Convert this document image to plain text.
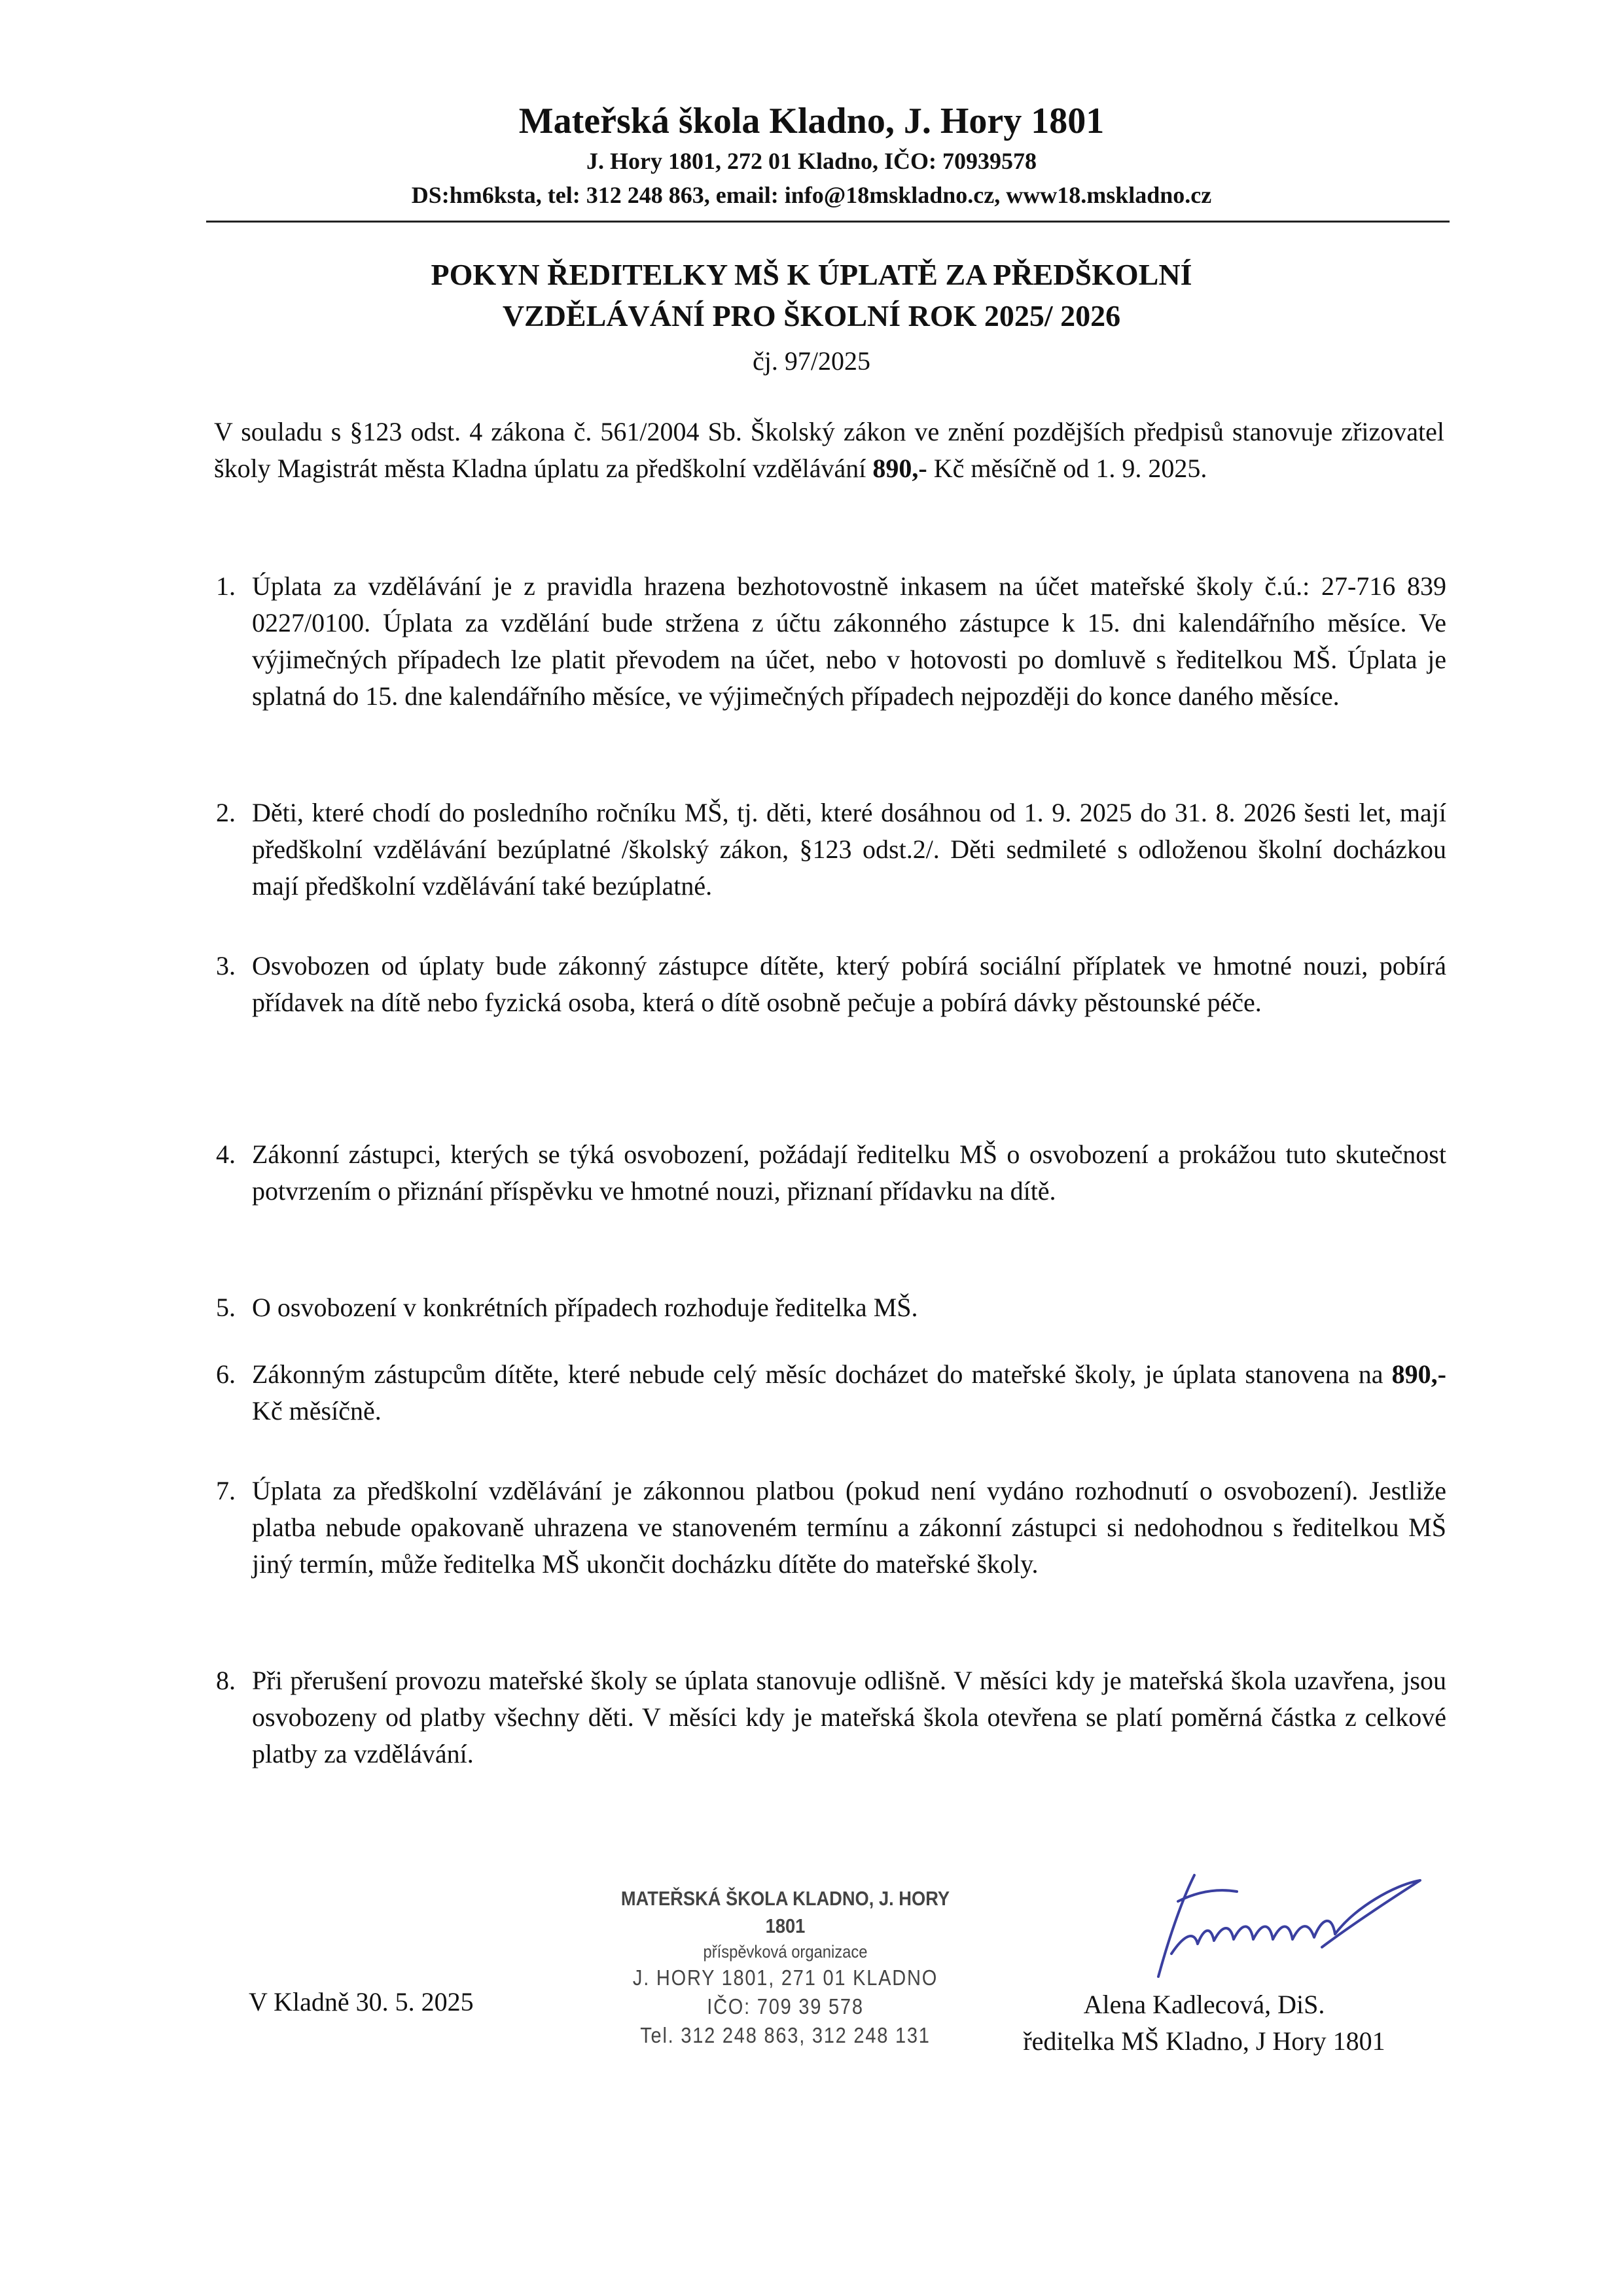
Mateřská škola Kladno, J. Hory 1801
J. Hory 1801, 272 01 Kladno, IČO: 70939578
DS:hm6ksta, tel: 312 248 863, email: info@18mskladno.cz, www18.mskladno.cz
POKYN ŘEDITELKY MŠ K ÚPLATĚ ZA PŘEDŠKOLNÍ
VZDĚLÁVÁNÍ PRO ŠKOLNÍ ROK 2025/ 2026
čj. 97/2025
V souladu s §123 odst. 4 zákona č. 561/2004 Sb. Školský zákon ve znění pozdějších předpisů stanovuje zřizovatel školy Magistrát města Kladna úplatu za předškolní vzdělávání 890,- Kč měsíčně od 1. 9. 2025.
1. Úplata za vzdělávání je z pravidla hrazena bezhotovostně inkasem na účet mateřské školy č.ú.: 27-716 839 0227/0100. Úplata za vzdělání bude stržena z účtu zákonného zástupce k 15. dni kalendářního měsíce. Ve výjimečných případech lze platit převodem na účet, nebo v hotovosti po domluvě s ředitelkou MŠ. Úplata je splatná do 15. dne kalendářního měsíce, ve výjimečných případech nejpozději do konce daného měsíce.
2. Děti, které chodí do posledního ročníku MŠ, tj. děti, které dosáhnou od 1. 9. 2025 do 31. 8. 2026 šesti let, mají předškolní vzdělávání bezúplatné /školský zákon, §123 odst.2/. Děti sedmileté s odloženou školní docházkou mají předškolní vzdělávání také bezúplatné.
3. Osvobozen od úplaty bude zákonný zástupce dítěte, který pobírá sociální příplatek ve hmotné nouzi, pobírá přídavek na dítě nebo fyzická osoba, která o dítě osobně pečuje a pobírá dávky pěstounské péče.
4. Zákonní zástupci, kterých se týká osvobození, požádají ředitelku MŠ o osvobození a prokážou tuto skutečnost potvrzením o přiznání příspěvku ve hmotné nouzi, přiznaní přídavku na dítě.
5. O osvobození v konkrétních případech rozhoduje ředitelka MŠ.
6. Zákonným zástupcům dítěte, které nebude celý měsíc docházet do mateřské školy, je úplata stanovena na 890,- Kč měsíčně.
7. Úplata za předškolní vzdělávání je zákonnou platbou (pokud není vydáno rozhodnutí o osvobození). Jestliže platba nebude opakovaně uhrazena ve stanoveném termínu a zákonní zástupci si nedohodnou s ředitelkou MŠ jiný termín, může ředitelka MŠ ukončit docházku dítěte do mateřské školy.
8. Při přerušení provozu mateřské školy se úplata stanovuje odlišně. V měsíci kdy je mateřská škola uzavřena, jsou osvobozeny od platby všechny děti. V měsíci kdy je mateřská škola otevřena se platí poměrná částka z celkové platby za vzdělávání.
V Kladně 30. 5. 2025
MATEŘSKÁ ŠKOLA KLADNO, J. HORY 1801
příspěvková organizace
J. HORY 1801, 271 01 KLADNO
IČO: 709 39 578
Tel. 312 248 863, 312 248 131
Alena Kadlecová, DiS.
ředitelka MŠ Kladno, J Hory 1801
